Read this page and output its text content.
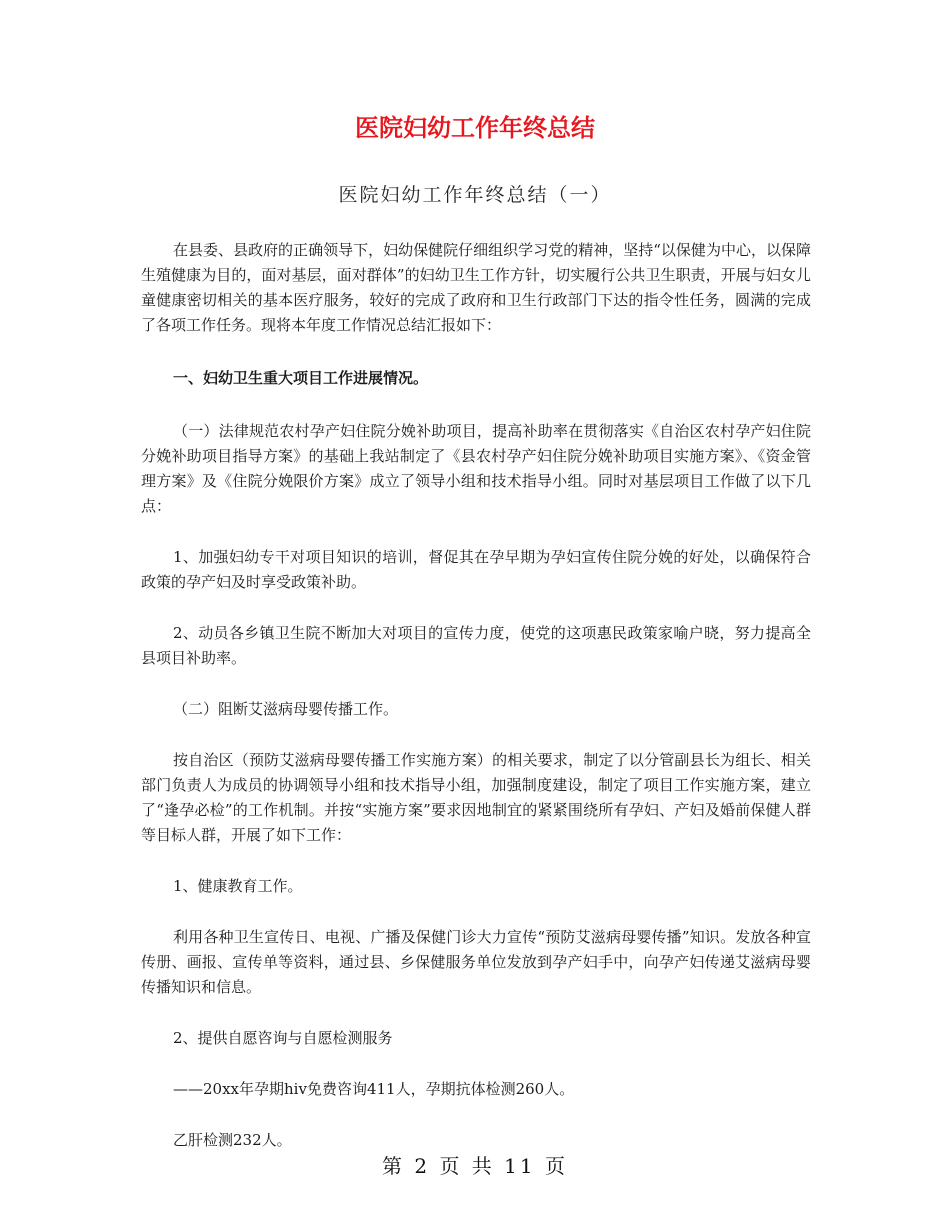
医院妇幼工作年终总结
医院妇幼工作年终总结（一）

在县委、县政府的正确领导下，妇幼保健院仔细组织学习党的精神，坚持“以保健为中心，以保障生殖健康为目的，面对基层，面对群体”的妇幼卫生工作方针，切实履行公共卫生职责，开展与妇女儿童健康密切相关的基本医疗服务，较好的完成了政府和卫生行政部门下达的指令性任务，圆满的完成了各项工作任务。现将本年度工作情况总结汇报如下：

一、妇幼卫生重大项目工作进展情况。

（一）法律规范农村孕产妇住院分娩补助项目，提高补助率在贯彻落实《自治区农村孕产妇住院分娩补助项目指导方案》的基础上我站制定了《县农村孕产妇住院分娩补助项目实施方案》、《资金管理方案》及《住院分娩限价方案》成立了领导小组和技术指导小组。同时对基层项目工作做了以下几点：

1、加强妇幼专干对项目知识的培训，督促其在孕早期为孕妇宣传住院分娩的好处，以确保符合政策的孕产妇及时享受政策补助。

2、动员各乡镇卫生院不断加大对项目的宣传力度，使党的这项惠民政策家喻户晓，努力提高全县项目补助率。

（二）阻断艾滋病母婴传播工作。

按自治区（预防艾滋病母婴传播工作实施方案）的相关要求，制定了以分管副县长为组长、相关部门负责人为成员的协调领导小组和技术指导小组，加强制度建设，制定了项目工作实施方案，建立了“逢孕必检”的工作机制。并按“实施方案”要求因地制宜的紧紧围绕所有孕妇、产妇及婚前保健人群等目标人群，开展了如下工作：

1、健康教育工作。

利用各种卫生宣传日、电视、广播及保健门诊大力宣传“预防艾滋病母婴传播”知识。发放各种宣传册、画报、宣传单等资料，通过县、乡保健服务单位发放到孕产妇手中，向孕产妇传递艾滋病母婴传播知识和信息。

2、提供自愿咨询与自愿检测服务

——20xx年孕期hiv免费咨询411人，孕期抗体检测260人。

乙肝检测232人。

第 2 页 共 11 页
